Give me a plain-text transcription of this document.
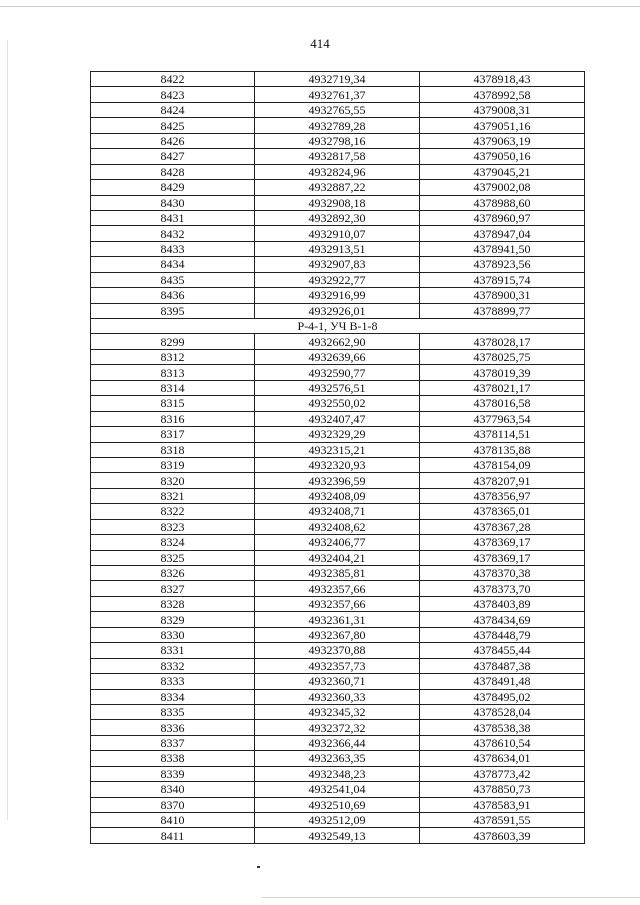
414
8422	4932719,34	4378918,43
8423	4932761,37	4378992,58
8424	4932765,55	4379008,31
8425	4932789,28	4379051,16
8426	4932798,16	4379063,19
8427	4932817,58	4379050,16
8428	4932824,96	4379045,21
8429	4932887,22	4379002,08
8430	4932908,18	4378988,60
8431	4932892,30	4378960,97
8432	4932910,07	4378947,04
8433	4932913,51	4378941,50
8434	4932907,83	4378923,56
8435	4932922,77	4378915,74
8436	4932916,99	4378900,31
8395	4932926,01	4378899,77
Р-4-1, УЧ В-1-8		
8299	4932662,90	4378028,17
8312	4932639,66	4378025,75
8313	4932590,77	4378019,39
8314	4932576,51	4378021,17
8315	4932550,02	4378016,58
8316	4932407,47	4377963,54
8317	4932329,29	4378114,51
8318	4932315,21	4378135,88
8319	4932320,93	4378154,09
8320	4932396,59	4378207,91
8321	4932408,09	4378356,97
8322	4932408,71	4378365,01
8323	4932408,62	4378367,28
8324	4932406,77	4378369,17
8325	4932404,21	4378369,17
8326	4932385,81	4378370,38
8327	4932357,66	4378373,70
8328	4932357,66	4378403,89
8329	4932361,31	4378434,69
8330	4932367,80	4378448,79
8331	4932370,88	4378455,44
8332	4932357,73	4378487,38
8333	4932360,71	4378491,48
8334	4932360,33	4378495,02
8335	4932345,32	4378528,04
8336	4932372,32	4378538,38
8337	4932366,44	4378610,54
8338	4932363,35	4378634,01
8339	4932348,23	4378773,42
8340	4932541,04	4378850,73
8370	4932510,69	4378583,91
8410	4932512,09	4378591,55
8411	4932549,13	4378603,39
